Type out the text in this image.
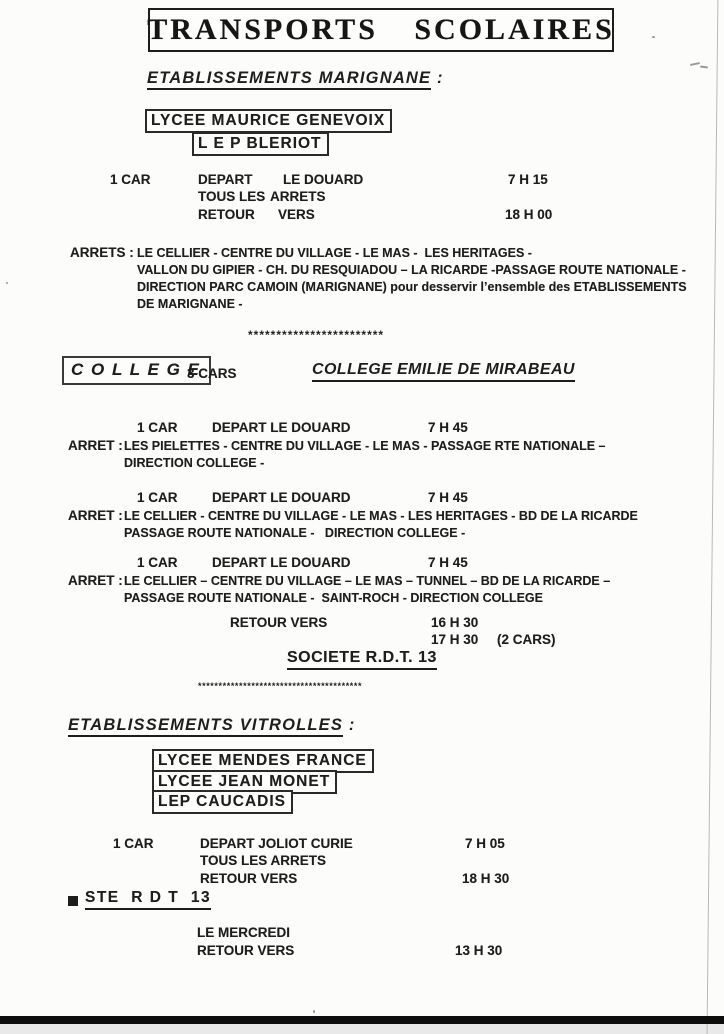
TRANSPORTS SCOLAIRES
ETABLISSEMENTS MARIGNANE :
LYCEE MAURICE GENEVOIX
L E P BLERIOT
1 CAR	DEPART LE DOUARD	7 H 15
TOUS LES ARRETS
RETOUR VERS	18 H 00
ARRETS : LE CELLIER - CENTRE DU VILLAGE - LE MAS -  LES HERITAGES -
VALLON DU GIPIER - CH. DU RESQUIADOU – LA RICARDE -PASSAGE ROUTE NATIONALE -
DIRECTION PARC CAMOIN (MARIGNANE) pour desservir l’ensemble des ETABLISSEMENTS
DE MARIGNANE -
************************
C O L L E G E
3 CARS	COLLEGE EMILIE DE MIRABEAU
1 CAR	DEPART LE DOUARD	7 H 45
ARRET : LES PIELETTES - CENTRE DU VILLAGE - LE MAS - PASSAGE RTE NATIONALE –
DIRECTION COLLEGE -
1 CAR	DEPART LE DOUARD	7 H 45
ARRET : LE CELLIER - CENTRE DU VILLAGE - LE MAS - LES HERITAGES - BD DE LA RICARDE
PASSAGE ROUTE NATIONALE -   DIRECTION COLLEGE -
1 CAR	DEPART LE DOUARD	7 H 45
ARRET : LE CELLIER – CENTRE DU VILLAGE – LE MAS – TUNNEL – BD DE LA RICARDE –
PASSAGE ROUTE NATIONALE -  SAINT-ROCH - DIRECTION COLLEGE
RETOUR VERS	16 H 30
17 H 30 (2 CARS)
SOCIETE R.D.T. 13
****************************************
ETABLISSEMENTS VITROLLES :
LYCEE MENDES FRANCE
LYCEE JEAN MONET
LEP CAUCADIS
1 CAR	DEPART JOLIOT CURIE	7 H 05
TOUS LES ARRETS
RETOUR VERS	18 H 30
STE  R D T  13
LE MERCREDI
RETOUR VERS	13 H 30
